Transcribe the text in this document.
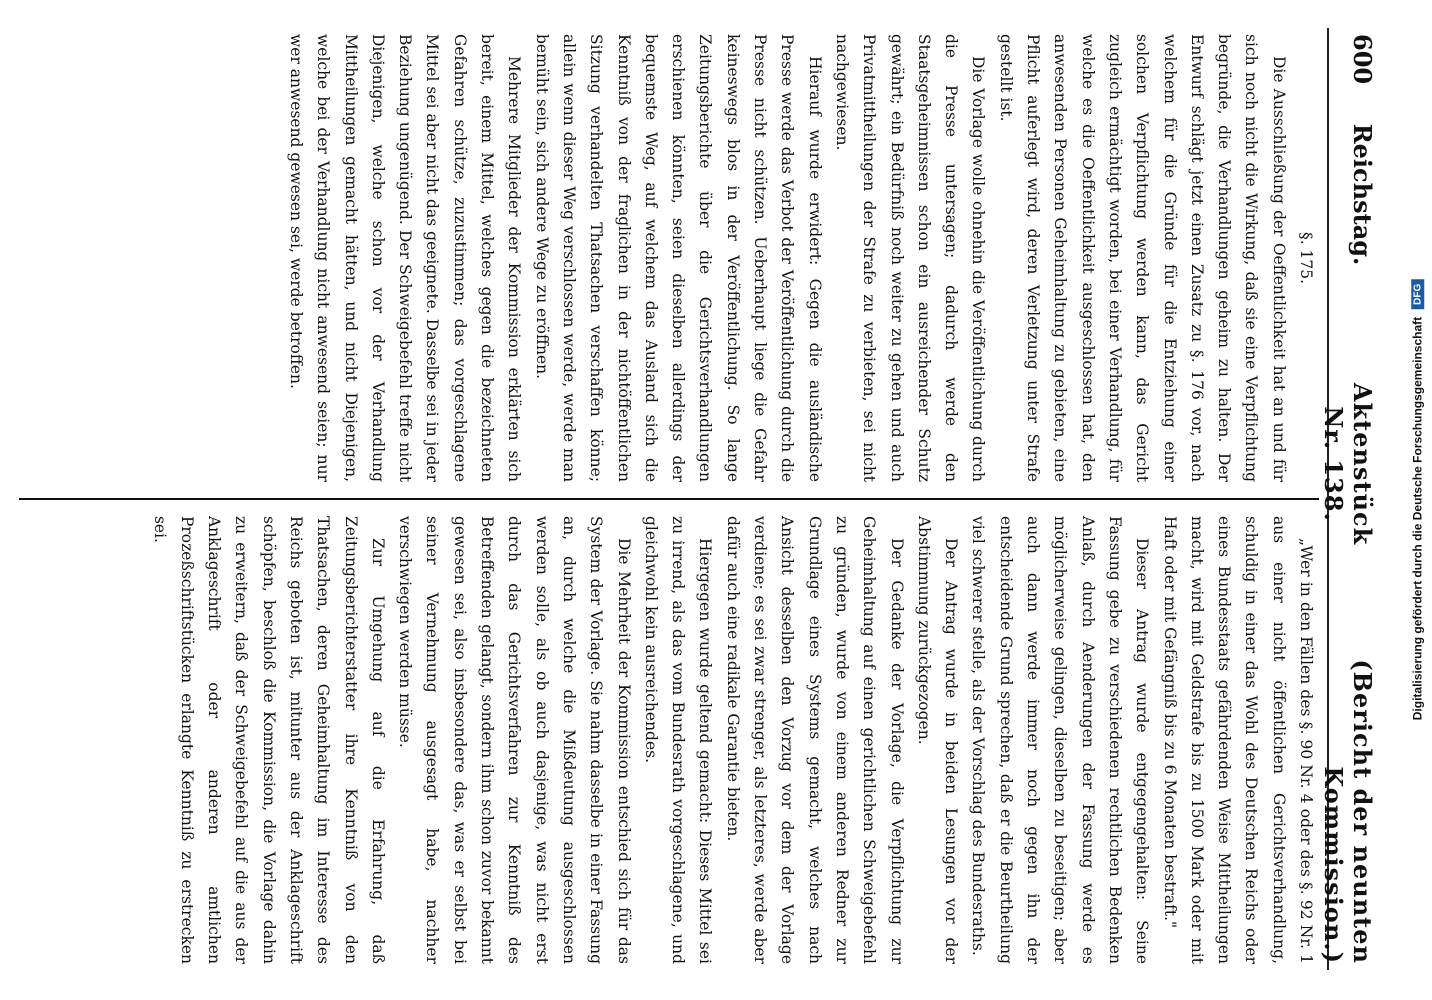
600
Reichstag.
Aktenstück Nr. 138.
(Bericht der neunten Kommission.)

§. 175.

Die Ausschließung der Oeffentlichkeit hat an und für sich noch nicht die Wirkung, daß sie eine Verpflichtung begründe, die Verhandlungen geheim zu halten. Der Entwurf schlägt jetzt einen Zusatz zu §. 176 vor, nach welchem für die Gründe für die Entziehung einer solchen Verpflichtung werden kann, das Gericht zugleich ermächtigt worden, bei einer Verhandlung, für welche es die Oeffentlichkeit ausgeschlossen hat, den anwesenden Personen Geheimhaltung zu gebieten, eine Pflicht auferlegt wird, deren Verletzung unter Strafe gestellt ist.

Die Vorlage wolle ohnehin die Veröffentlichung durch die Presse untersagen; dadurch werde den Staatsgeheimnissen schon ein ausreichender Schutz gewährt; ein Bedürfniß noch weiter zu gehen und auch Privatmittheilungen der Strafe zu verbieten, sei nicht nachgewiesen.

Hierauf wurde erwidert: Gegen die ausländische Presse werde das Verbot der Veröffentlichung durch die Presse nicht schützen. Ueberhaupt liege die Gefahr keineswegs blos in der Veröffentlichung. So lange Zeitungsberichte über die Gerichtsverhandlungen erschienen könnten, seien dieselben allerdings der bequemste Weg, auf welchem das Ausland sich die Kenntniß von der fraglichen in der nichtöffentlichen Sitzung verhandelten Thatsachen verschaffen könne; allein wenn dieser Weg verschlossen werde, werde man bemüht sein, sich andere Wege zu eröffnen.

Mehrere Mitglieder der Kommission erklärten sich bereit, einem Mittel, welches gegen die bezeichneten Gefahren schütze, zuzustimmen; das vorgeschlagene Mittel sei aber nicht das geeignete. Dasselbe sei in jeder Beziehung ungenügend. Der Schweigebefehl treffe nicht Diejenigen, welche schon vor der Verhandlung Mittheilungen gemacht hätten, und nicht Diejenigen, welche bei der Verhandlung nicht anwesend seien; nur wer anwesend gewesen sei, werde betroffen.

„Wer in den Fällen des §. 90 Nr. 4 oder des §. 92 Nr. 1 aus einer nicht öffentlichen Gerichtsverhandlung, schuldig in einer das Wohl des Deutschen Reichs oder eines Bundesstaats gefährdenden Weise Mittheilungen macht, wird mit Geldstrafe bis zu 1500 Mark oder mit Haft oder mit Gefängniß bis zu 6 Monaten bestraft."

Dieser Antrag wurde entgegengehalten: Seine Fassung gebe zu verschiedenen rechtlichen Bedenken Anlaß, durch Aenderungen der Fassung werde es möglicherweise gelingen, dieselben zu beseitigen; aber auch dann werde immer noch gegen ihn der entscheidende Grund sprechen, daß er die Beurtheilung viel schwerer stelle, als der Vorschlag des Bundesraths.

Der Antrag wurde in beiden Lesungen vor der Abstimmung zurückgezogen.

Der Gedanke der Vorlage, die Verpflichtung zur Geheimhaltung auf einen gerichtlichen Schweigebefehl zu gründen, wurde von einem anderen Redner zur Grundlage eines Systems gemacht, welches nach Ansicht desselben den Vorzug vor dem der Vorlage verdiene; es sei zwar strenger, als letzteres, werde aber dafür auch eine radikale Garantie bieten.

Hiergegen wurde geltend gemacht: Dieses Mittel sei zu irrend, als das vom Bundesrath vorgeschlagene, und gleichwohl kein ausreichendes.

Die Mehrheit der Kommission entschied sich für das System der Vorlage. Sie nahm dasselbe in einer Fassung an, durch welche die Mißdeutung ausgeschlossen werden solle, als ob auch dasjenige, was nicht erst durch das Gerichtsverfahren zur Kenntniß des Betreffenden gelangt, sondern ihm schon zuvor bekannt gewesen sei, also insbesondere das, was er selbst bei seiner Vernehmung ausgesagt habe, nachher verschwiegen werden müsse.

Zur Umgehung auf die Erfahrung, daß Zeitungsberichterstatter ihre Kenntniß von den Thatsachen, deren Geheimhaltung im Interesse des Reichs geboten ist, mitunter aus der Anklageschrift schöpfen, beschloß die Kommission, die Vorlage dahin zu erweitern, daß der Schweigebefehl auf die aus der Anklageschrift oder anderen amtlichen Prozeßschriftstücken erlangte Kenntniß zu erstrecken sei.	Digitalisierung gefördert durch die Deutsche Forschungsgemeinschaft
DFG
